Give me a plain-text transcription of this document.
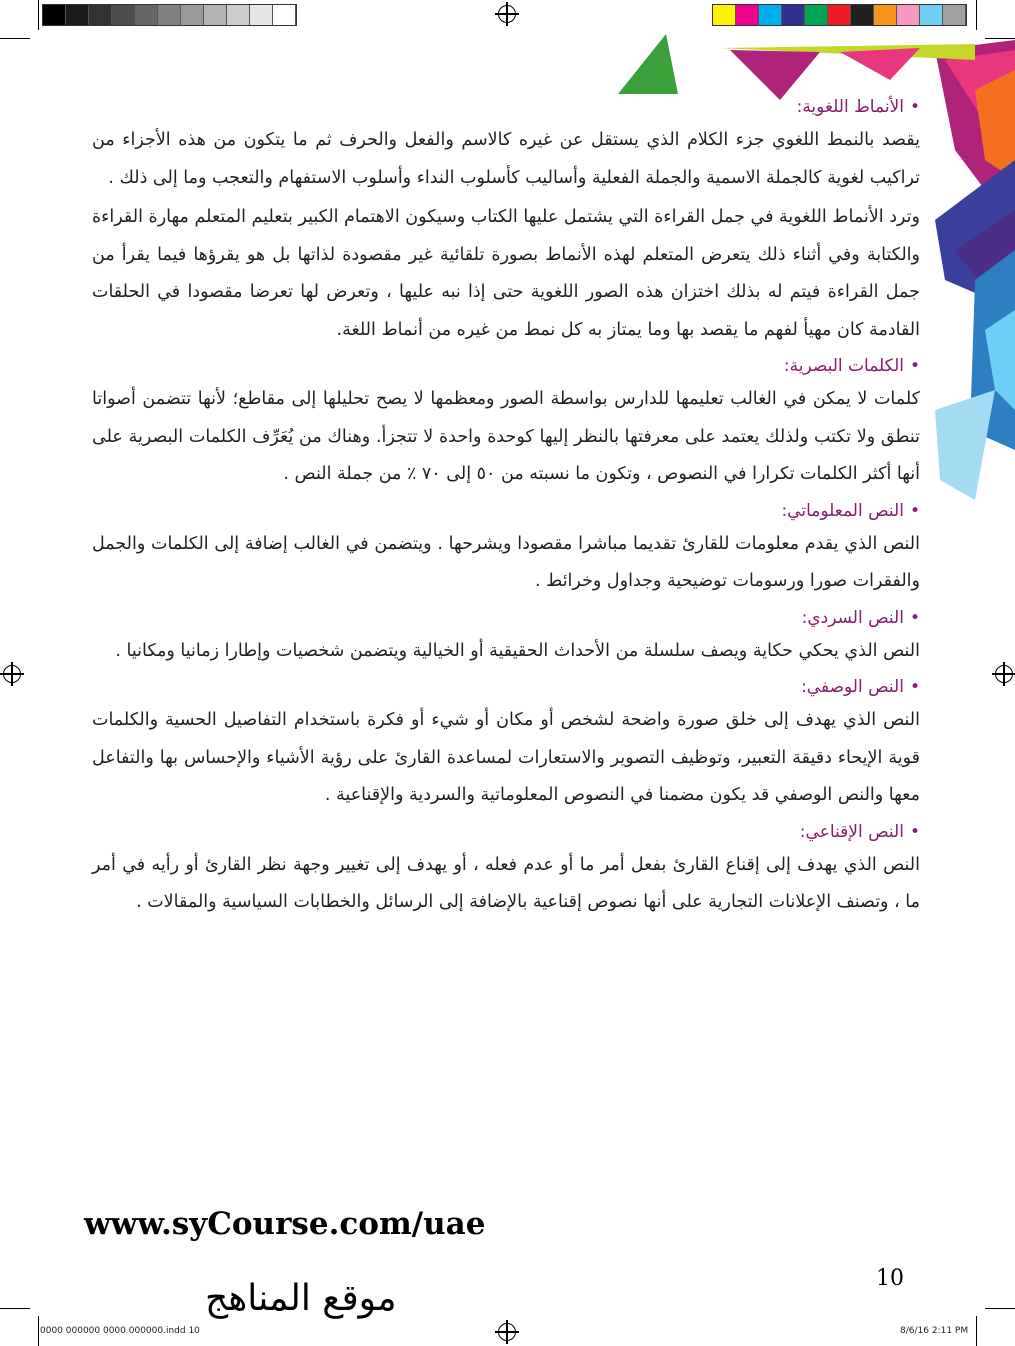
•الأنماط اللغوية:

يقصد بالنمط اللغوي جزء الكلام الذي يستقل عن غيره كالاسم والفعل والحرف ثم ما يتكون من هذه الأجزاء من تراكيب لغوية كالجملة الاسمية والجملة الفعلية وأساليب كأسلوب النداء وأسلوب الاستفهام والتعجب وما إلى ذلك .

وترد الأنماط اللغوية في جمل القراءة التي يشتمل عليها الكتاب وسيكون الاهتمام الكبير بتعليم المتعلم مهارة القراءة والكتابة وفي أثناء ذلك يتعرض المتعلم لهذه الأنماط بصورة تلقائية غير مقصودة لذاتها بل هو يقرؤها فيما يقرأ من جمل القراءة فيتم له بذلك اختزان هذه الصور اللغوية حتى إذا نبه عليها ، وتعرض لها تعرضا مقصودا في الحلقات القادمة كان مهيأ لفهم ما يقصد بها وما يمتاز به كل نمط من غيره من أنماط اللغة.

•الكلمات البصرية:

كلمات لا يمكن في الغالب تعليمها للدارس بواسطة الصور ومعظمها لا يصح تحليلها إلى مقاطع؛ لأنها تتضمن أصواتا تنطق ولا تكتب ولذلك يعتمد على معرفتها بالنظر إليها كوحدة واحدة لا تتجزأ. وهناك من يُعَرِّف الكلمات البصرية على أنها أكثر الكلمات تكرارا في النصوص ، وتكون ما نسبته من ٥٠ إلى ٧٠ ٪ من جملة النص .

•النص المعلوماتي:

النص الذي يقدم معلومات للقارئ تقديما مباشرا مقصودا ويشرحها . ويتضمن في الغالب إضافة إلى الكلمات والجمل والفقرات صورا ورسومات توضيحية وجداول وخرائط .

•النص السردي:

النص الذي يحكي حكاية ويصف سلسلة من الأحداث الحقيقية أو الخيالية ويتضمن شخصيات وإطارا زمانيا ومكانيا .

•النص الوصفي:

النص الذي يهدف إلى خلق صورة واضحة لشخص أو مكان أو شيء أو فكرة باستخدام التفاصيل الحسية والكلمات قوية الإيحاء دقيقة التعبير، وتوظيف التصوير والاستعارات لمساعدة القارئ على رؤية الأشياء والإحساس بها والتفاعل معها والنص الوصفي قد يكون مضمنا في النصوص المعلوماتية والسردية والإقناعية .

•النص الإقناعي:

النص الذي يهدف إلى إقناع القارئ بفعل أمر ما أو عدم فعله ، أو يهدف إلى تغيير وجهة نظر القارئ أو رأيه في أمر ما ، وتصنف الإعلانات التجارية على أنها نصوص إقناعية بالإضافة إلى الرسائل والخطابات السياسية والمقالات .

www.syCourse.com/uae
10
موقع المناهج
0000 000000 0000 000000.indd 10	8/6/16 2:11 PM
